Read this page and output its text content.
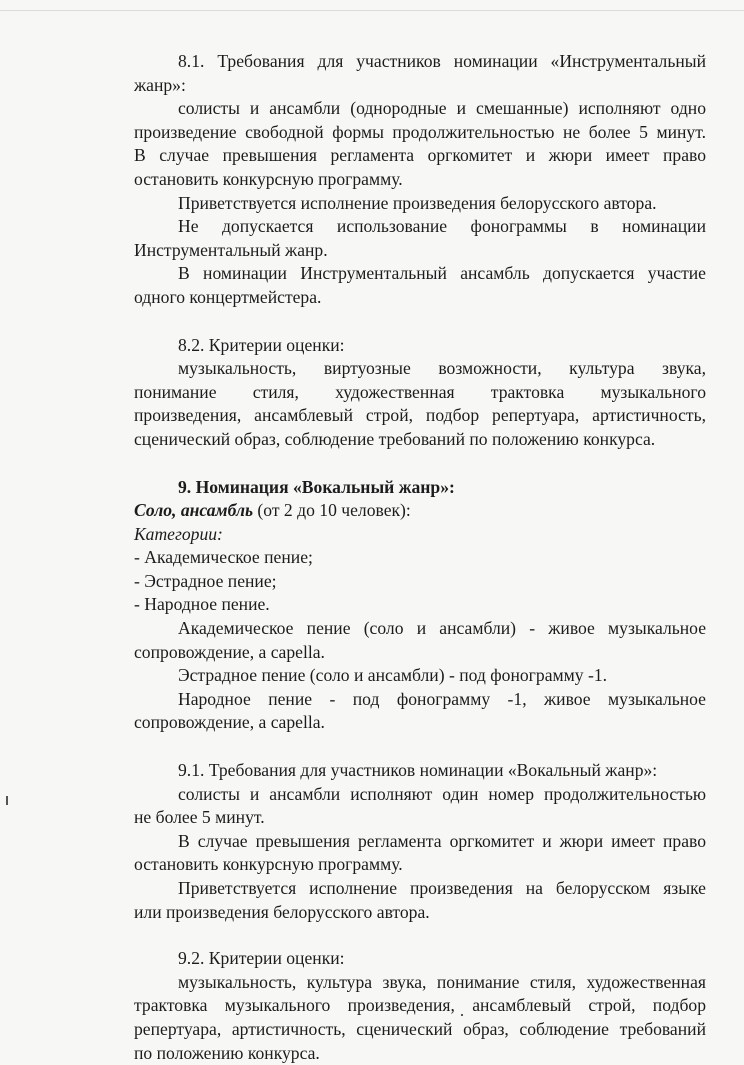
8.1. Требования для участников номинации «Инструментальный

жанр»:

солисты и ансамбли (однородные и смешанные) исполняют одно

произведение свободной формы продолжительностью не более 5 минут.

В случае превышения регламента оргкомитет и жюри имеет право

остановить конкурсную программу.

Приветствуется исполнение произведения белорусского автора.

Не допускается использование фонограммы в номинации

Инструментальный жанр.

В номинации Инструментальный ансамбль допускается участие

одного концертмейстера.

8.2. Критерии оценки:

музыкальность, виртуозные возможности, культура звука,

понимание стиля, художественная трактовка музыкального

произведения, ансамблевый строй, подбор репертуара, артистичность,

сценический образ, соблюдение требований по положению конкурса.

9. Номинация «Вокальный жанр»:

Соло, ансамбль (от 2 до 10 человек):

Категории:

- Академическое пение;

- Эстрадное пение;

- Народное пение.

Академическое пение (соло и ансамбли) - живое музыкальное

сопровождение, а capella.

Эстрадное пение (соло и ансамбли) - под фонограмму -1.

Народное пение - под фонограмму -1, живое музыкальное

сопровождение, а capella.

9.1. Требования для участников номинации «Вокальный жанр»:

солисты и ансамбли исполняют один номер продолжительностью

не более 5 минут.

В случае превышения регламента оргкомитет и жюри имеет право

остановить конкурсную программу.

Приветствуется исполнение произведения на белорусском языке

или произведения белорусского автора.

9.2. Критерии оценки:

музыкальность, культура звука, понимание стиля, художественная

трактовка музыкального произведения, ансамблевый строй, подбор

репертуара, артистичность, сценический образ, соблюдение требований

по положению конкурса.
